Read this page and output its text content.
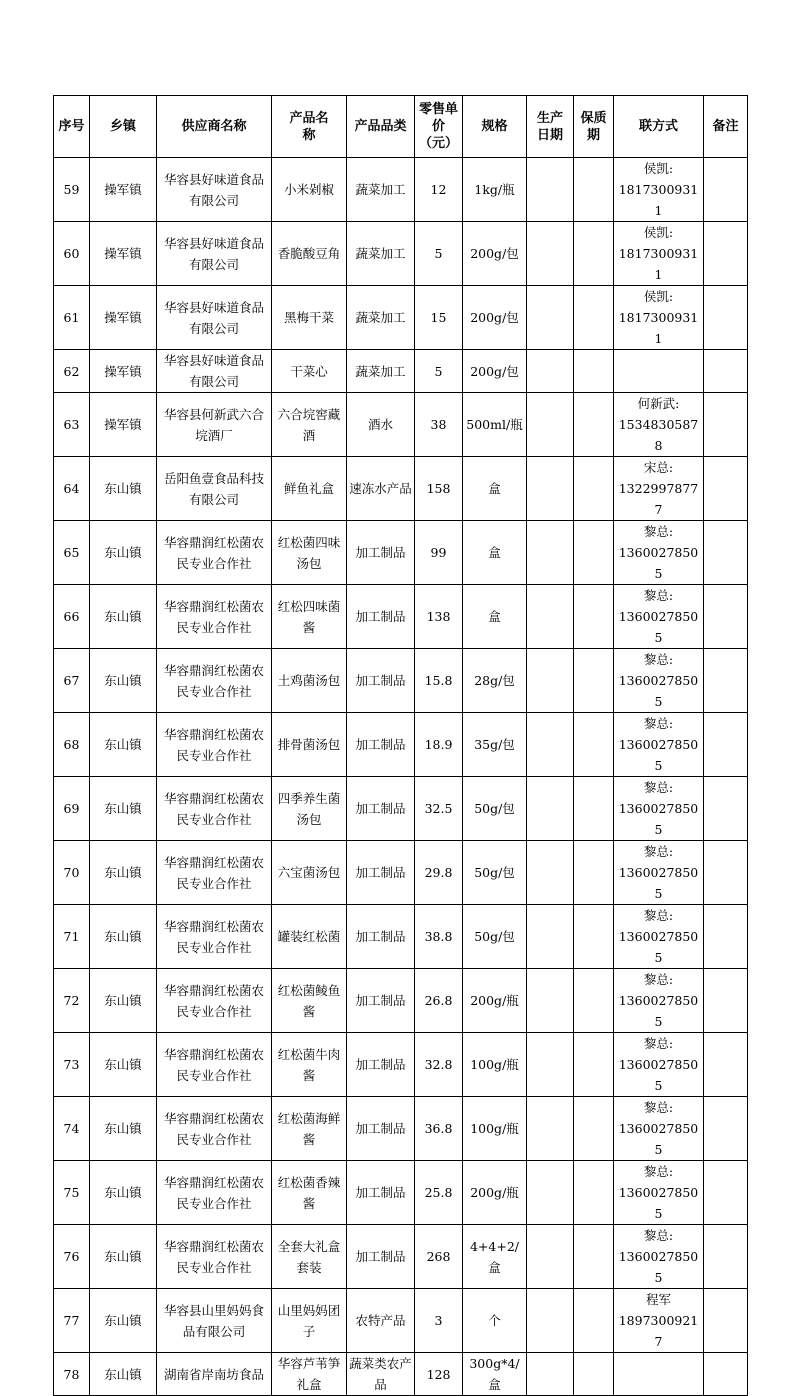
序号	乡镇	供应商名称	产品名称	产品品类	零售单价（元）	规格	生产日期	保质期	联方式	备注
59	操军镇	华容县好味道食品有限公司	小米剁椒	蔬菜加工	12	1kg/瓶			侯凯:
18173009311	

60	操军镇	华容县好味道食品有限公司	香脆酸豆角	蔬菜加工	5	200g/包			侯凯:
18173009311	

61	操军镇	华容县好味道食品有限公司	黑梅干菜	蔬菜加工	15	200g/包			侯凯:
18173009311	

62	操军镇	华容县好味道食品有限公司	干菜心	蔬菜加工	5	200g/包			

63	操军镇	华容县何新武六合垸酒厂	六合垸窖藏酒	酒水	38	500ml/瓶			何新武:
15348305878	

64	东山镇	岳阳鱼壹食品科技有限公司	鲜鱼礼盒	速冻水产品	158	盒			宋总:
13229978777	

65	东山镇	华容鼎润红松菌农民专业合作社	红松菌四味汤包	加工制品	99	盒			黎总:
13600278505	

66	东山镇	华容鼎润红松菌农民专业合作社	红松四味菌酱	加工制品	138	盒			黎总:
13600278505	

67	东山镇	华容鼎润红松菌农民专业合作社	土鸡菌汤包	加工制品	15.8	28g/包			黎总:
13600278505	

68	东山镇	华容鼎润红松菌农民专业合作社	排骨菌汤包	加工制品	18.9	35g/包			黎总:
13600278505	

69	东山镇	华容鼎润红松菌农民专业合作社	四季养生菌汤包	加工制品	32.5	50g/包			黎总:
13600278505	

70	东山镇	华容鼎润红松菌农民专业合作社	六宝菌汤包	加工制品	29.8	50g/包			黎总:
13600278505	

71	东山镇	华容鼎润红松菌农民专业合作社	罐装红松菌	加工制品	38.8	50g/包			黎总:
13600278505	

72	东山镇	华容鼎润红松菌农民专业合作社	红松菌鲮鱼酱	加工制品	26.8	200g/瓶			黎总:
13600278505	

73	东山镇	华容鼎润红松菌农民专业合作社	红松菌牛肉酱	加工制品	32.8	100g/瓶			黎总:
13600278505	

74	东山镇	华容鼎润红松菌农民专业合作社	红松菌海鲜酱	加工制品	36.8	100g/瓶			黎总:
13600278505	

75	东山镇	华容鼎润红松菌农民专业合作社	红松菌香辣酱	加工制品	25.8	200g/瓶			黎总:
13600278505	

76	东山镇	华容鼎润红松菌农民专业合作社	全套大礼盒套装	加工制品	268	4+4+2/盒			黎总:
13600278505	

77	东山镇	华容县山里妈妈食品有限公司	山里妈妈团子	农特产品	3	个			程军
18973009217	

78	东山镇	湖南省岸南坊食品	华容芦苇笋礼盒	蔬菜类农产品	128	300g*4/盒			
